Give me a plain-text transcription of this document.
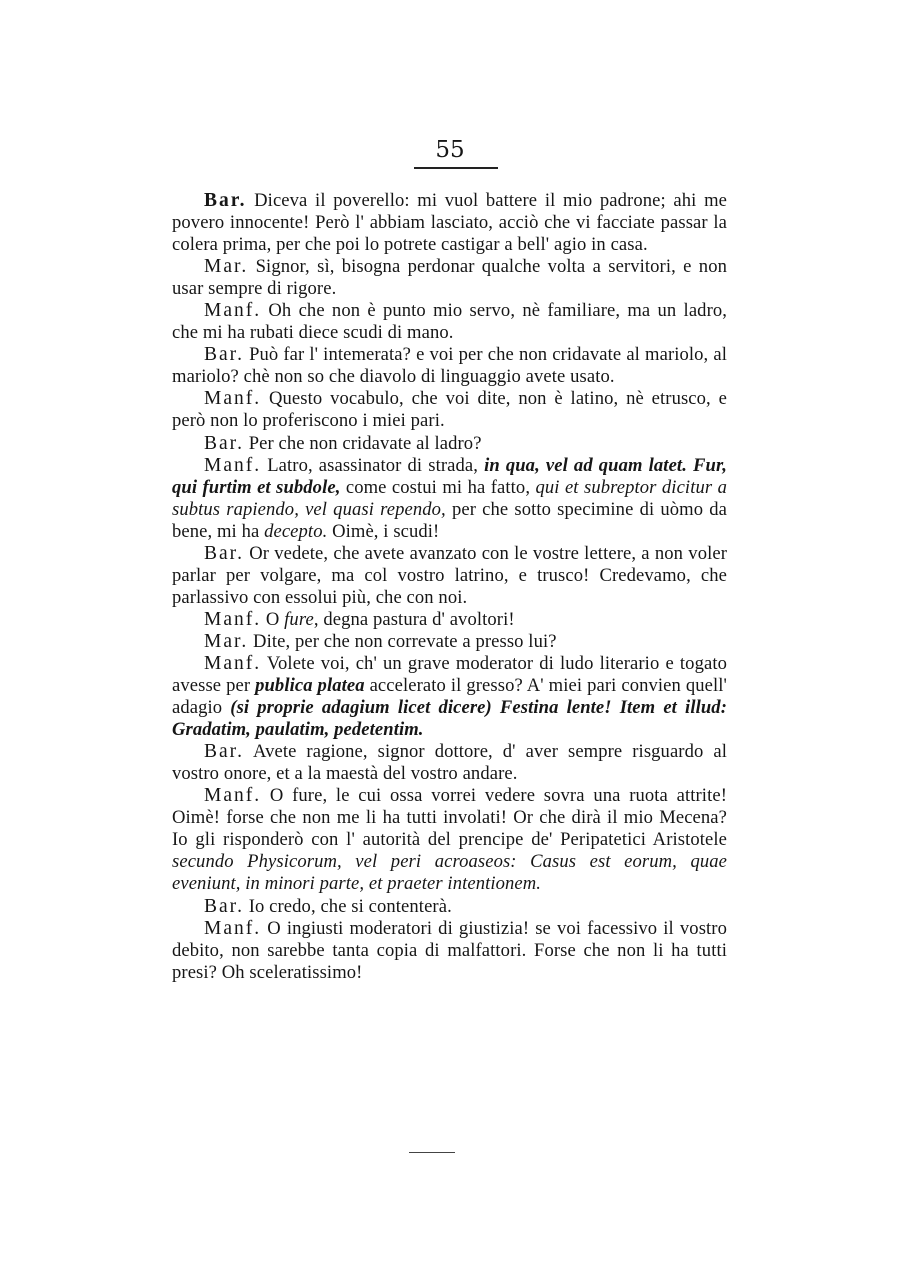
55

Bar. Diceva il poverello: mi vuol battere il mio padrone; ahi me povero innocente! Però l' abbiam lasciato, acciò che vi facciate passar la colera prima, per che poi lo potrete castigar a bell' agio in casa.

Mar. Signor, sì, bisogna perdonar qualche volta a servitori, e non usar sempre di rigore.

Manf. Oh che non è punto mio servo, nè familiare, ma un ladro, che mi ha rubati diece scudi di mano.

Bar. Può far l' intemerata? e voi per che non cridavate al mariolo, al mariolo? chè non so che diavolo di linguaggio avete usato.

Manf. Questo vocabulo, che voi dite, non è latino, nè etrusco, e però non lo proferiscono i miei pari.

Bar. Per che non cridavate al ladro?

Manf. Latro, asassinator di strada, in qua, vel ad quam latet. Fur, qui furtim et subdole, come costui mi ha fatto, qui et subreptor dicitur a subtus rapiendo, vel quasi rependo, per che sotto specimine di uòmo da bene, mi ha decepto. Oimè, i scudi!

Bar. Or vedete, che avete avanzato con le vostre lettere, a non voler parlar per volgare, ma col vostro latrino, e trusco! Credevamo, che parlassivo con essolui più, che con noi.

Manf. O fure, degna pastura d' avoltori!

Mar. Dite, per che non correvate a presso lui?

Manf. Volete voi, ch' un grave moderator di ludo literario e togato avesse per publica platea accelerato il gresso? A' miei pari convien quell' adagio (si proprie adagium licet dicere) Festina lente! Item et illud: Gradatim, paulatim, pedetentim.

Bar. Avete ragione, signor dottore, d' aver sempre risguardo al vostro onore, et a la maestà del vostro andare.

Manf. O fure, le cui ossa vorrei vedere sovra una ruota attrite! Oimè! forse che non me li ha tutti involati! Or che dirà il mio Mecena? Io gli risponderò con l' autorità del prencipe de' Peripatetici Aristotele secundo Physicorum, vel peri acroaseos: Casus est eorum, quae eveniunt, in minori parte, et praeter intentionem.

Bar. Io credo, che si contenterà.

Manf. O ingiusti moderatori di giustizia! se voi facessivo il vostro debito, non sarebbe tanta copia di malfattori. Forse che non li ha tutti presi? Oh sceleratissimo!
